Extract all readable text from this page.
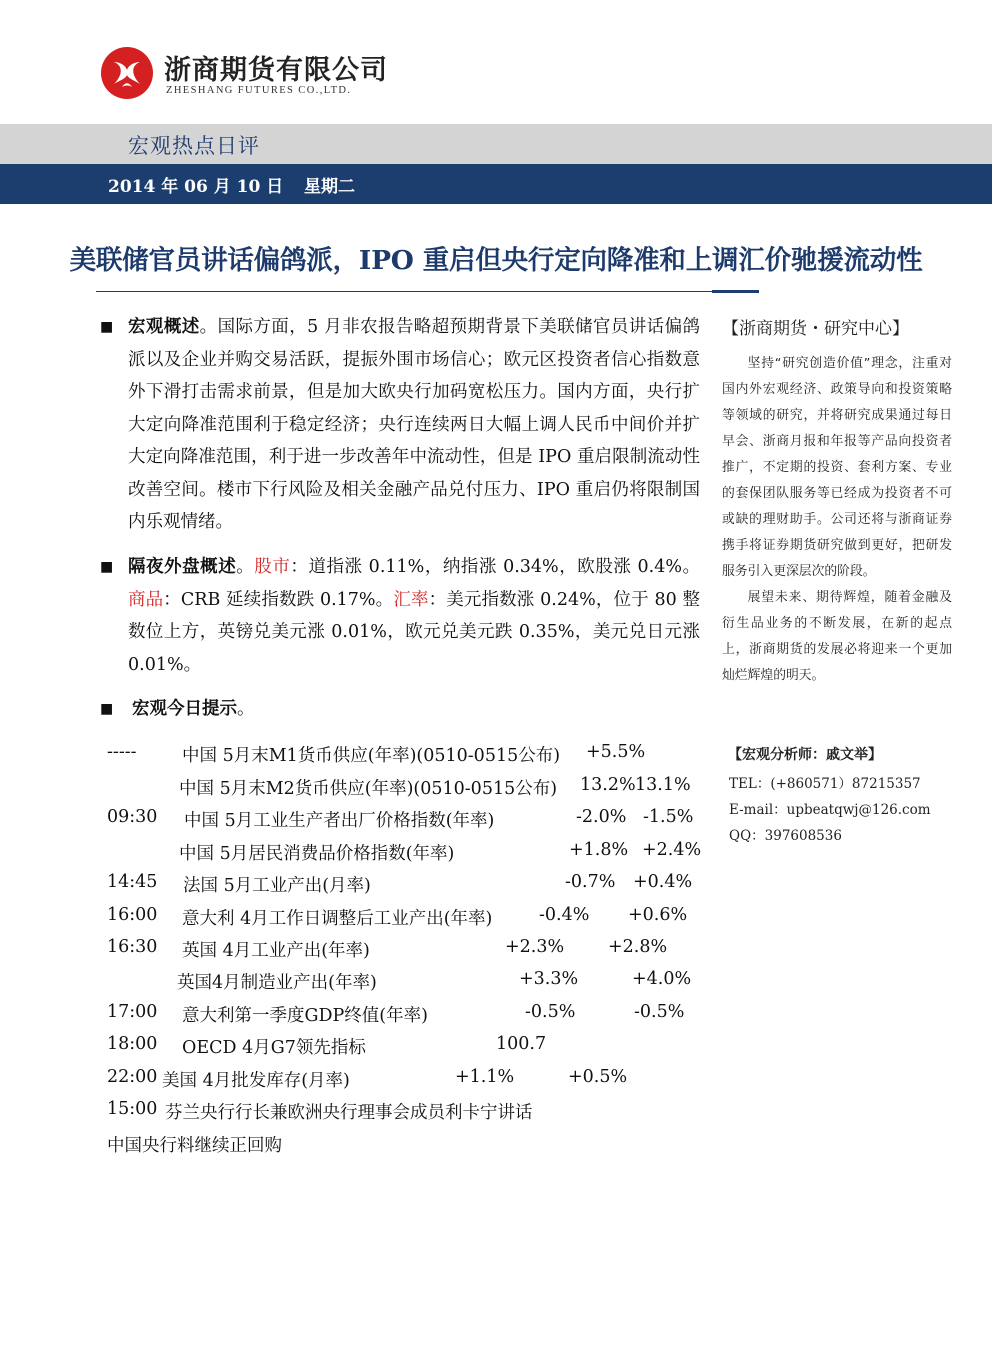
浙商期货有限公司
ZHESHANG FUTURES CO.,LTD.
宏观热点日评
2014 年 06 月 10 日 星期二
美联储官员讲话偏鸽派，IPO 重启但央行定向降准和上调汇价驰援流动性
■ 宏观概述。国际方面，5 月非农报告略超预期背景下美联储官员讲话偏鸽派以及企业并购交易活跃，提振外围市场信心；欧元区投资者信心指数意外下滑打击需求前景，但是加大欧央行加码宽松压力。国内方面，央行扩大定向降准范围利于稳定经济；央行连续两日大幅上调人民币中间价并扩大定向降准范围，利于进一步改善年中流动性，但是 IPO 重启限制流动性改善空间。楼市下行风险及相关金融产品兑付压力、IPO 重启仍将限制国内乐观情绪。
■ 隔夜外盘概述。股市：道指涨 0.11%，纳指涨 0.34%，欧股涨 0.4%。商品：CRB 延续指数跌 0.17%。汇率：美元指数涨 0.24%，位于 80 整数位上方，英镑兑美元涨 0.01%，欧元兑美元跌 0.35%，美元兑日元涨 0.01%。
■ 宏观今日提示。
-----	中国 5月末M1货币供应(年率)(0510-0515公布) +5.5%
中国 5月末M2货币供应(年率)(0510-0515公布) 13.2% 13.1%
09:30 中国 5月工业生产者出厂价格指数(年率)	-2.0% -1.5%
中国 5月居民消费品价格指数(年率)	+1.8% +2.4%
14:45 法国 5月工业产出(月率)	-0.7% +0.4%
16:00 意大利 4月工作日调整后工业产出(年率)	-0.4% +0.6%
16:30 英国 4月工业产出(年率)	+2.3%	+2.8%
英国4月制造业产出(年率)	+3.3%	+4.0%
17:00 意大利第一季度GDP终值(年率)	-0.5%	-0.5%
18:00 OECD 4月G7领先指标	100.7
22:00 美国 4月批发库存(月率)	+1.1%	+0.5%
15:00 芬兰央行行长兼欧洲央行理事会成员利卡宁讲话
中国央行料继续正回购
【浙商期货・研究中心】
坚持“研究创造价值”理念，注重对国内外宏观经济、政策导向和投资策略等领域的研究，并将研究成果通过每日早会、浙商月报和年报等产品向投资者推广，不定期的投资、套利方案、专业的套保团队服务等已经成为投资者不可或缺的理财助手。公司还将与浙商证券携手将证券期货研究做到更好，把研发服务引入更深层次的阶段。
展望未来、期待辉煌，随着金融及衍生品业务的不断发展，在新的起点上，浙商期货的发展必将迎来一个更加灿烂辉煌的明天。
【宏观分析师：戚文举】
TEL：(+860571）87215357
E-mail：upbeatqwj@126.com
QQ：397608536
